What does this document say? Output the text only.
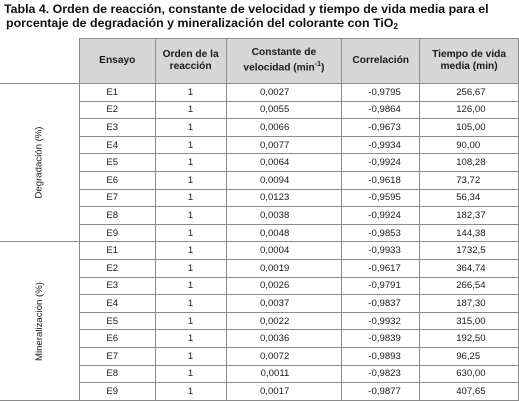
Tabla 4. Orden de reacción, constante de velocidad y tiempo de vida media para el
porcentaje de degradación y mineralización del colorante con TiO$_2$
	Ensayo	Orden de la reacción	Constante de velocidad $(\min^{-1})$	Correlación	Tiempo de vida media (min)
Degradación (%)	E1	1	0,0027	-0,9795	256,67
	E2	1	0,0055	-0,9864	126,00
	E3	1	0,0066	-0,9673	105,00
	E4	1	0,0077	-0,9934	90,00
	E5	1	0,0064	-0,9924	108,28
	E6	1	0,0094	-0,9618	73,72
	E7	1	0,0123	-0,9595	56,34
	E8	1	0,0038	-0,9924	182,37
	E9	1	0,0048	-0,9853	144,38
Mineralización (%)	E1	1	0,0004	-0,9933	1732,5
	E2	1	0,0019	-0,9617	364,74
	E3	1	0,0026	-0,9791	266,54
	E4	1	0,0037	-0,9837	187,30
	E5	1	0,0022	-0,9932	315,00
	E6	1	0,0036	-0,9839	192,50
	E7	1	0,0072	-0,9893	96,25
	E8	1	0,0011	-0,9823	630,00
	E9	1	0,0017	-0,9877	407,65
